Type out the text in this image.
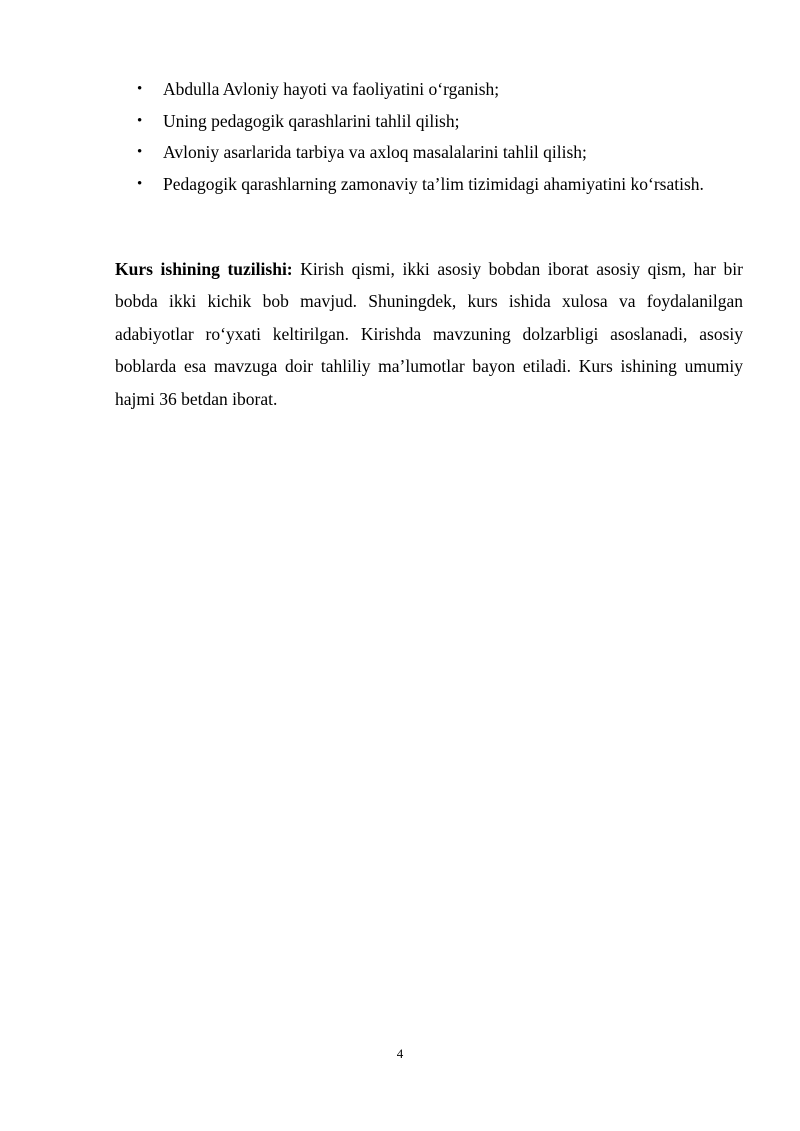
• Abdulla Avloniy hayoti va faoliyatini o‘rganish;
• Uning pedagogik qarashlarini tahlil qilish;
• Avloniy asarlarida tarbiya va axloq masalalarini tahlil qilish;
• Pedagogik qarashlarning zamonaviy ta’lim tizimidagi ahamiyatini ko‘rsatish.

Kurs ishining tuzilishi: Kirish qismi, ikki asosiy bobdan iborat asosiy qism, har bir bobda ikki kichik bob mavjud. Shuningdek, kurs ishida xulosa va foydalanilgan adabiyotlar ro‘yxati keltirilgan. Kirishda mavzuning dolzarbligi asoslanadi, asosiy boblarda esa mavzuga doir tahliliy ma’lumotlar bayon etiladi. Kurs ishining umumiy hajmi 36 betdan iborat.

4
